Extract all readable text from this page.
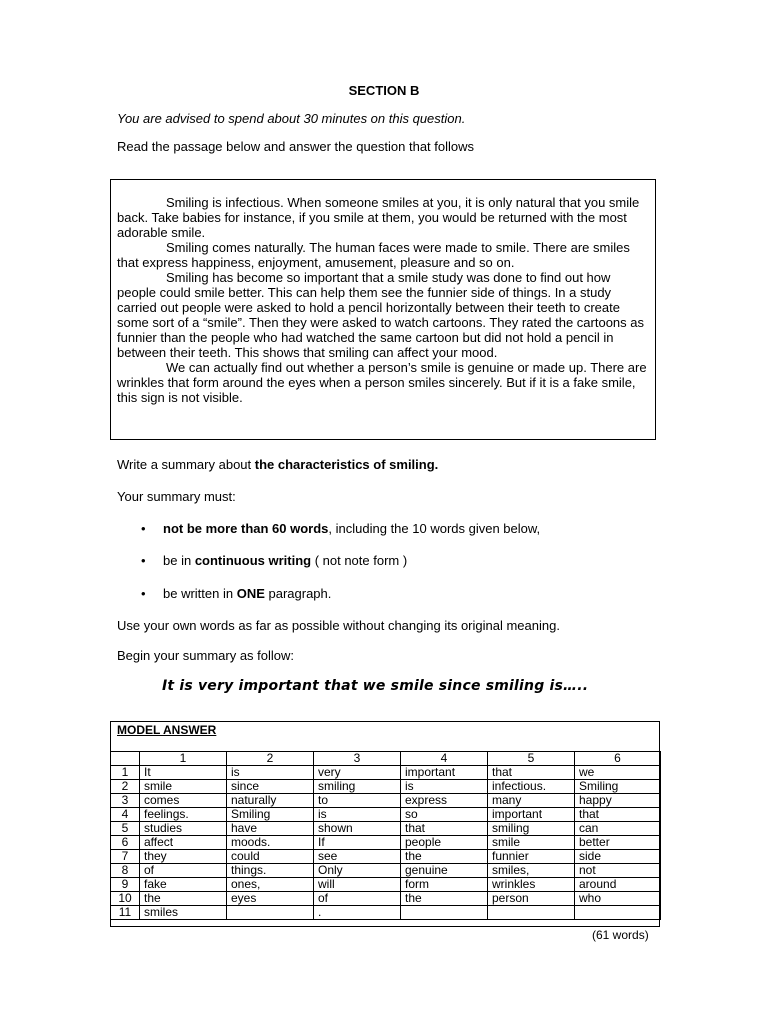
SECTION B
You are advised to spend about 30 minutes on this question.
Read the passage below and answer the question that follows

Smiling is infectious. When someone smiles at you, it is only natural that you smile back. Take babies for instance, if you smile at them, you would be returned with the most adorable smile.

Smiling comes naturally. The human faces were made to smile. There are smiles that express happiness, enjoyment, amusement, pleasure and so on.

Smiling has become so important that a smile study was done to find out how people could smile better. This can help them see the funnier side of things. In a study carried out people were asked to hold a pencil horizontally between their teeth to create some sort of a “smile”. Then they were asked to watch cartoons. They rated the cartoons as funnier than the people who had watched the same cartoon but did not hold a pencil in between their teeth. This shows that smiling can affect your mood.

We can actually find out whether a person’s smile is genuine or made up. There are wrinkles that form around the eyes when a person smiles sincerely. But if it is a fake smile, this sign is not visible.

Write a summary about the characteristics of smiling.
Your summary must:
• not be more than 60 words, including the 10 words given below,
• be in continuous writing ( not note form )
• be written in ONE paragraph.
Use your own words as far as possible without changing its original meaning.
Begin your summary as follow:
It is very important that we smile since smiling is…..
MODEL ANSWER
	1	2	3	4	5	6
1	It	is	very	important	that	we
2	smile	since	smiling	is	infectious.	Smiling
3	comes	naturally	to	express	many	happy
4	feelings.	Smiling	is	so	important	that
5	studies	have	shown	that	smiling	can
6	affect	moods.	If	people	smile	better
7	they	could	see	the	funnier	side
8	of	things.	Only	genuine	smiles,	not
9	fake	ones,	will	form	wrinkles	around
10	the	eyes	of	the	person	who
11	smiles		.			
(61 words)
